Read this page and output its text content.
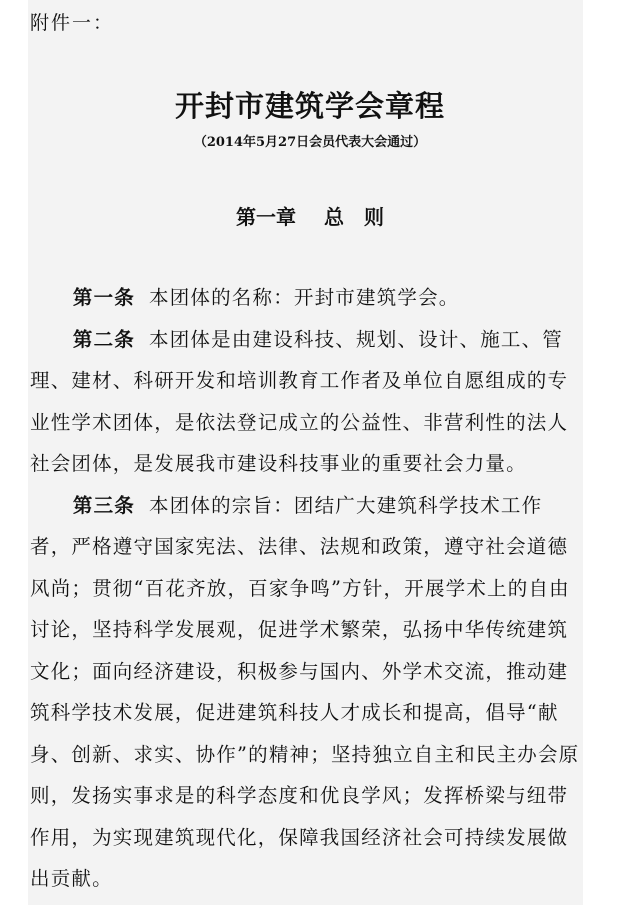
附件一：
开封市建筑学会章程
（2014年5月27日会员代表大会通过）
第一章 总　则

第一条 本团体的名称：开封市建筑学会。

第二条 本团体是由建设科技、规划、设计、施工、管理、建材、科研开发和培训教育工作者及单位自愿组成的专业性学术团体，是依法登记成立的公益性、非营利性的法人社会团体，是发展我市建设科技事业的重要社会力量。

第三条 本团体的宗旨：团结广大建筑科学技术工作者，严格遵守国家宪法、法律、法规和政策，遵守社会道德风尚；贯彻“百花齐放，百家争鸣”方针，开展学术上的自由讨论，坚持科学发展观，促进学术繁荣，弘扬中华传统建筑文化；面向经济建设，积极参与国内、外学术交流，推动建筑科学技术发展，促进建筑科技人才成长和提高，倡导“献身、创新、求实、协作”的精神；坚持独立自主和民主办会原则，发扬实事求是的科学态度和优良学风；发挥桥梁与纽带作用，为实现建筑现代化，保障我国经济社会可持续发展做出贡献。
